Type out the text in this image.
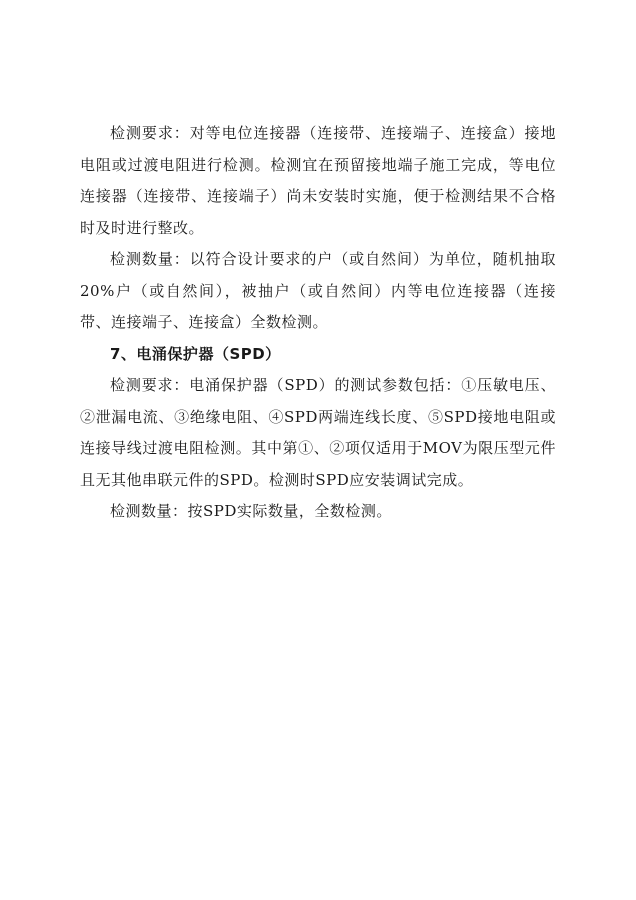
检测要求：对等电位连接器（连接带、连接端子、连接盒）接地电阻或过渡电阻进行检测。检测宜在预留接地端子施工完成，等电位连接器（连接带、连接端子）尚未安装时实施，便于检测结果不合格时及时进行整改。

检测数量：以符合设计要求的户（或自然间）为单位，随机抽取20%户（或自然间），被抽户（或自然间）内等电位连接器（连接带、连接端子、连接盒）全数检测。

7、电涌保护器（SPD）

检测要求：电涌保护器（SPD）的测试参数包括：①压敏电压、②泄漏电流、③绝缘电阻、④SPD两端连线长度、⑤SPD接地电阻或连接导线过渡电阻检测。其中第①、②项仅适用于MOV为限压型元件且无其他串联元件的SPD。检测时SPD应安装调试完成。

检测数量：按SPD实际数量，全数检测。
